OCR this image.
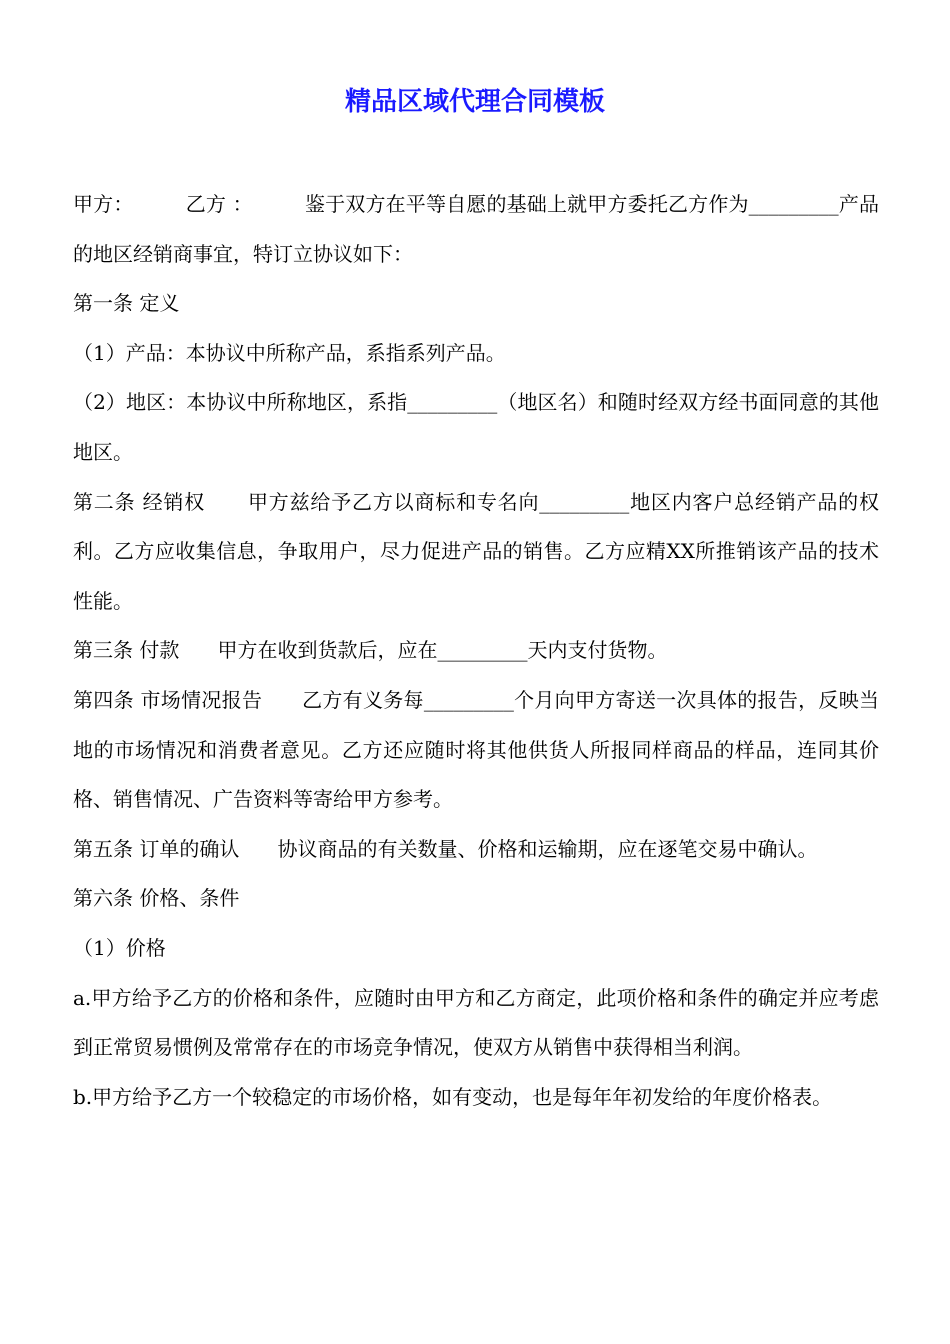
精品区域代理合同模板

甲方：        乙方 ：        鉴于双方在平等自愿的基础上就甲方委托乙方作为_________产品的地区经销商事宜，特订立协议如下：

第一条 定义

（1）产品：本协议中所称产品，系指系列产品。

（2）地区：本协议中所称地区，系指_________（地区名）和随时经双方经书面同意的其他地区。

第二条 经销权      甲方兹给予乙方以商标和专名向_________地区内客户总经销产品的权利。乙方应收集信息，争取用户，尽力促进产品的销售。乙方应精XX所推销该产品的技术性能。

第三条 付款      甲方在收到货款后，应在_________天内支付货物。

第四条 市场情况报告      乙方有义务每_________个月向甲方寄送一次具体的报告，反映当地的市场情况和消费者意见。乙方还应随时将其他供货人所报同样商品的样品，连同其价格、销售情况、广告资料等寄给甲方参考。

第五条 订单的确认      协议商品的有关数量、价格和运输期，应在逐笔交易中确认。

第六条 价格、条件

（1）价格

a.甲方给予乙方的价格和条件，应随时由甲方和乙方商定，此项价格和条件的确定并应考虑到正常贸易惯例及常常存在的市场竞争情况，使双方从销售中获得相当利润。

b.甲方给予乙方一个较稳定的市场价格，如有变动，也是每年年初发给的年度价格表。
